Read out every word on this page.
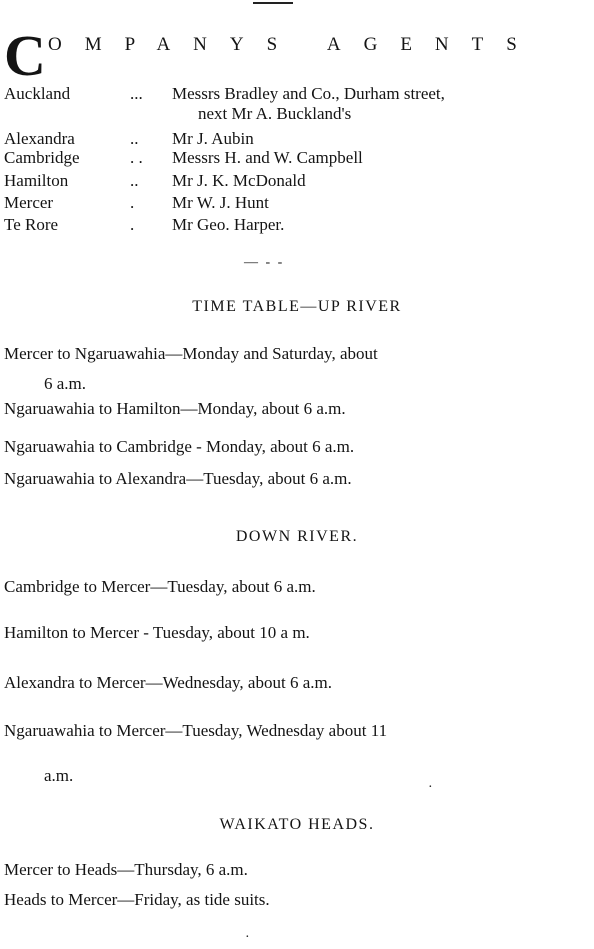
C OMPANYS AGENTS
Auckland	... Messrs Bradley and Co., Durham street,
next Mr A. Buckland's
Alexandra	.. Mr J. Aubin
Cambridge	. . Messrs H. and W. Campbell
Hamilton	.. Mr J. K. McDonald
Mercer	. Mr W. J. Hunt
Te Rore	. Mr Geo. Harper.
— - -
TIME TABLE—UP RIVER
Mercer to Ngaruawahia—Monday and Saturday, about
6 a.m.
Ngaruawahia to Hamilton—Monday, about 6 a.m.
Ngaruawahia to Cambridge - Monday, about 6 a.m.
Ngaruawahia to Alexandra—Tuesday, about 6 a.m.
DOWN RIVER.
Cambridge to Mercer—Tuesday, about 6 a.m.
Hamilton to Mercer - Tuesday, about 10 a m.
Alexandra to Mercer—Wednesday, about 6 a.m.
Ngaruawahia to Mercer—Tuesday, Wednesday about 11
a.m.
WAIKATO HEADS.
Mercer to Heads—Thursday, 6 a.m.
Heads to Mercer—Friday, as tide suits.
·
·
